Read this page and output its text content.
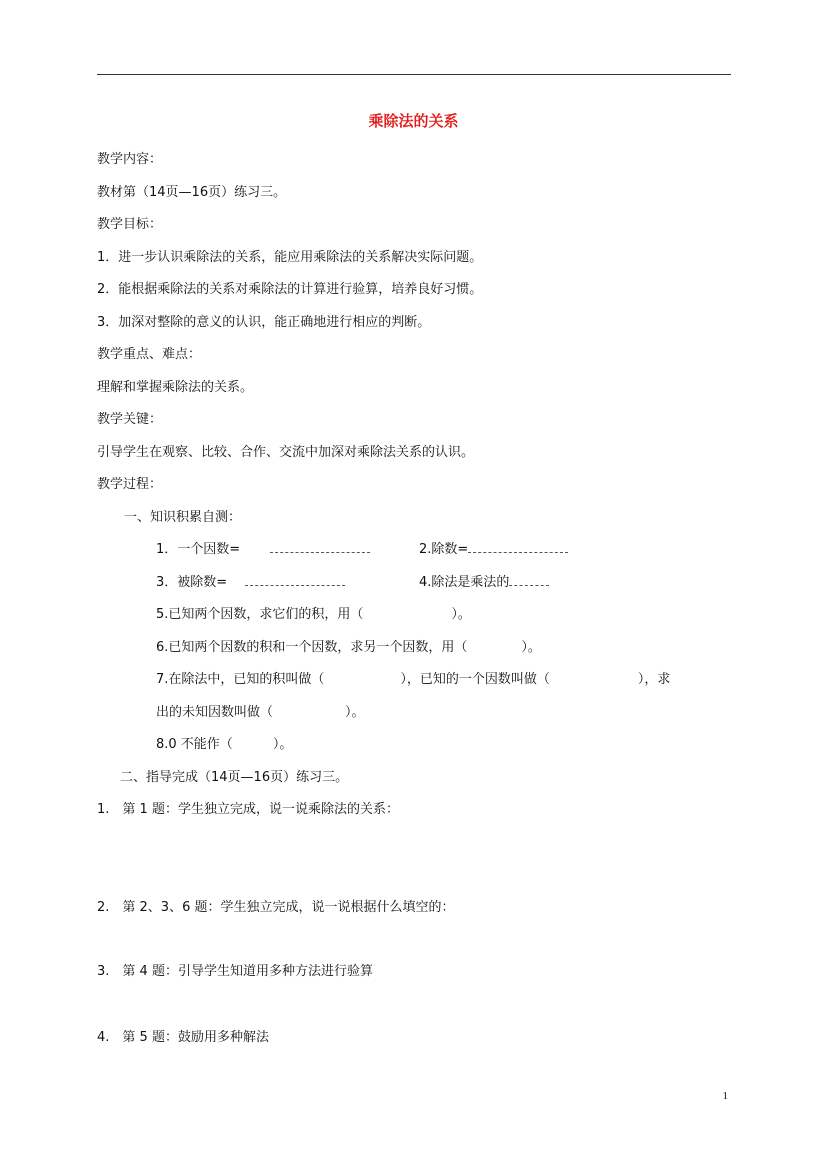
乘除法的关系
教学内容：
教材第（14页—16页）练习三。
教学目标：
1．进一步认识乘除法的关系，能应用乘除法的关系解决实际问题。
2．能根据乘除法的关系对乘除法的计算进行验算，培养良好习惯。
3．加深对整除的意义的认识，能正确地进行相应的判断。
教学重点、难点：
理解和掌握乘除法的关系。
教学关键：
引导学生在观察、比较、合作、交流中加深对乘除法关系的认识。
教学过程：
一、知识积累自测：
1．一个因数=	2.除数=
3．被除数=	4.除法是乘法的
5.已知两个因数，求它们的积，用（	）。
6.已知两个因数的积和一个因数，求另一个因数，用（	）。
7.在除法中，已知的积叫做（	），已知的一个因数叫做（	），求
出的未知因数叫做（	）。
8.0 不能作（	）。
二、指导完成（14页—16页）练习三。
1.　第 1 题：学生独立完成，说一说乘除法的关系：
2.　第 2、3、6 题：学生独立完成，说一说根据什么填空的：
3.　第 4 题：引导学生知道用多种方法进行验算
4.　第 5 题：鼓励用多种解法
1
